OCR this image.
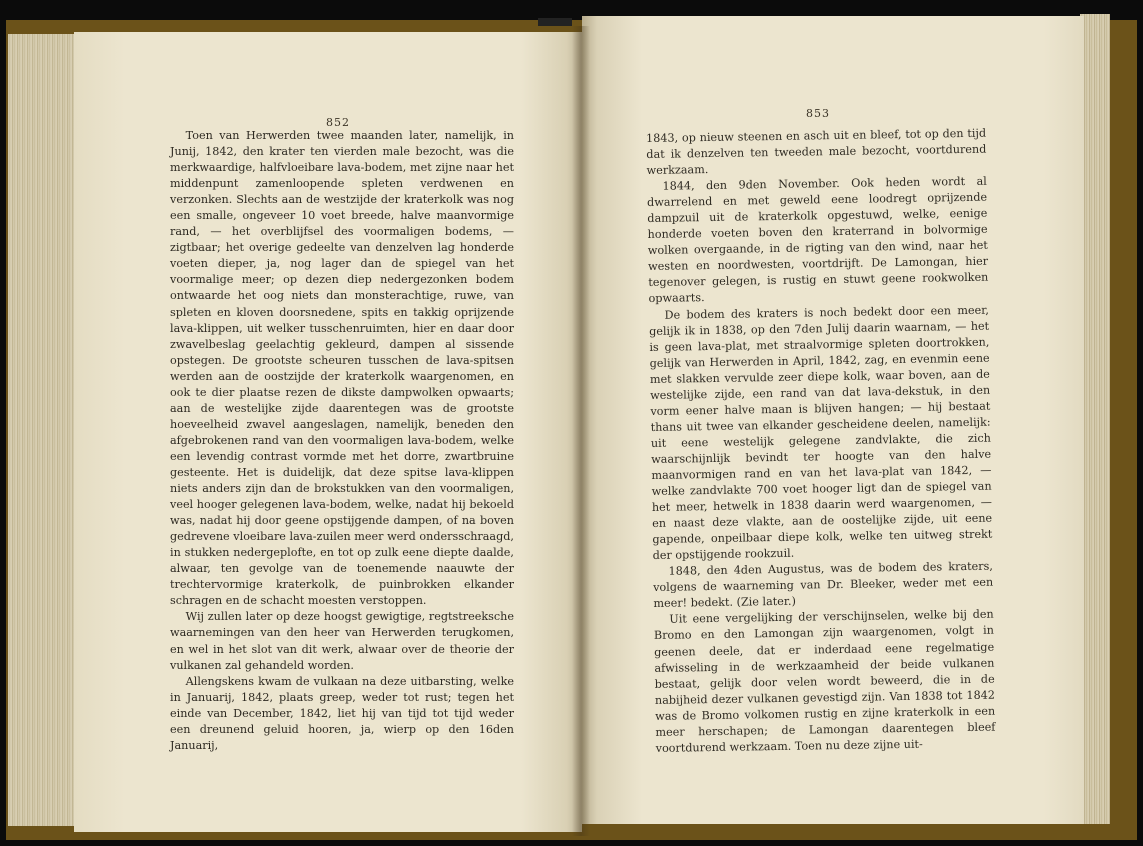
852
853

Toen van Herwerden twee maanden later, namelijk, in Junij, 1842, den krater ten vierden male bezocht, was die merkwaardige, halfvloeibare lava-bodem, met zijne naar het middenpunt zamenloopende spleten verdwenen en verzonken. Slechts aan de westzijde der kraterkolk was nog een smalle, ongeveer 10 voet breede, halve maanvormige rand, — het overblijfsel des voormaligen bodems, — zigtbaar; het overige gedeelte van denzelven lag honderde voeten dieper, ja, nog lager dan de spiegel van het voormalige meer; op dezen diep nedergezonken bodem ontwaarde het oog niets dan monsterachtige, ruwe, van spleten en kloven doorsnedene, spits en takkig oprijzende lava-klippen, uit welker tusschenruimten, hier en daar door zwavelbeslag geelachtig gekleurd, dampen al sissende opstegen. De grootste scheuren tusschen de lava-spitsen werden aan de oostzijde der kraterkolk waargenomen, en ook te dier plaatse rezen de dikste dampwolken opwaarts; aan de westelijke zijde daarentegen was de grootste hoeveelheid zwavel aangeslagen, namelijk, beneden den afgebrokenen rand van den voormaligen lava-bodem, welke een levendig contrast vormde met het dorre, zwartbruine gesteente. Het is duidelijk, dat deze spitse lava-klippen niets anders zijn dan de brokstukken van den voormaligen, veel hooger gelegenen lava-bodem, welke, nadat hij bekoeld was, nadat hij door geene opstijgende dampen, of na boven gedrevene vloeibare lava-zuilen meer werd ondersschraagd, in stukken nedergeplofte, en tot op zulk eene diepte daalde, alwaar, ten gevolge van de toenemende naauwte der trechtervormige kraterkolk, de puinbrokken elkander schragen en de schacht moesten verstoppen.

Wij zullen later op deze hoogst gewigtige, regtstreeksche waarnemingen van den heer van Herwerden terugkomen, en wel in het slot van dit werk, alwaar over de theorie der vulkanen zal gehandeld worden.

Allengskens kwam de vulkaan na deze uitbarsting, welke in Januarij, 1842, plaats greep, weder tot rust; tegen het einde van December, 1842, liet hij van tijd tot tijd weder een dreunend geluid hooren, ja, wierp op den 16den Januarij,

1843, op nieuw steenen en asch uit en bleef, tot op den tijd dat ik denzelven ten tweeden male bezocht, voortdurend werkzaam.

1844, den 9den November. Ook heden wordt al dwarrelend en met geweld eene loodregt oprijzende dampzuil uit de kraterkolk opgestuwd, welke, eenige honderde voeten boven den kraterrand in bolvormige wolken overgaande, in de rigting van den wind, naar het westen en noordwesten, voortdrijft. De Lamongan, hier tegenover gelegen, is rustig en stuwt geene rookwolken opwaarts.

De bodem des kraters is noch bedekt door een meer, gelijk ik in 1838, op den 7den Julij daarin waarnam, — het is geen lava-plat, met straalvormige spleten doortrokken, gelijk van Herwerden in April, 1842, zag, en evenmin eene met slakken vervulde zeer diepe kolk, waar boven, aan de westelijke zijde, een rand van dat lava-dekstuk, in den vorm eener halve maan is blijven hangen; — hij bestaat thans uit twee van elkander gescheidene deelen, namelijk: uit eene westelijk gelegene zandvlakte, die zich waarschijnlijk bevindt ter hoogte van den halve maanvormigen rand en van het lava-plat van 1842, — welke zandvlakte 700 voet hooger ligt dan de spiegel van het meer, hetwelk in 1838 daarin werd waargenomen, — en naast deze vlakte, aan de oostelijke zijde, uit eene gapende, onpeilbaar diepe kolk, welke ten uitweg strekt der opstijgende rookzuil.

1848, den 4den Augustus, was de bodem des kraters, volgens de waarneming van Dr. Bleeker, weder met een meer! bedekt. (Zie later.)

Uit eene vergelijking der verschijnselen, welke bij den Bromo en den Lamongan zijn waargenomen, volgt in geenen deele, dat er inderdaad eene regelmatige afwisseling in de werkzaamheid der beide vulkanen bestaat, gelijk door velen wordt beweerd, die in de nabijheid dezer vulkanen gevestigd zijn. Van 1838 tot 1842 was de Bromo volkomen rustig en zijne kraterkolk in een meer herschapen; de Lamongan daarentegen bleef voortdurend werkzaam. Toen nu deze zijne uit-
